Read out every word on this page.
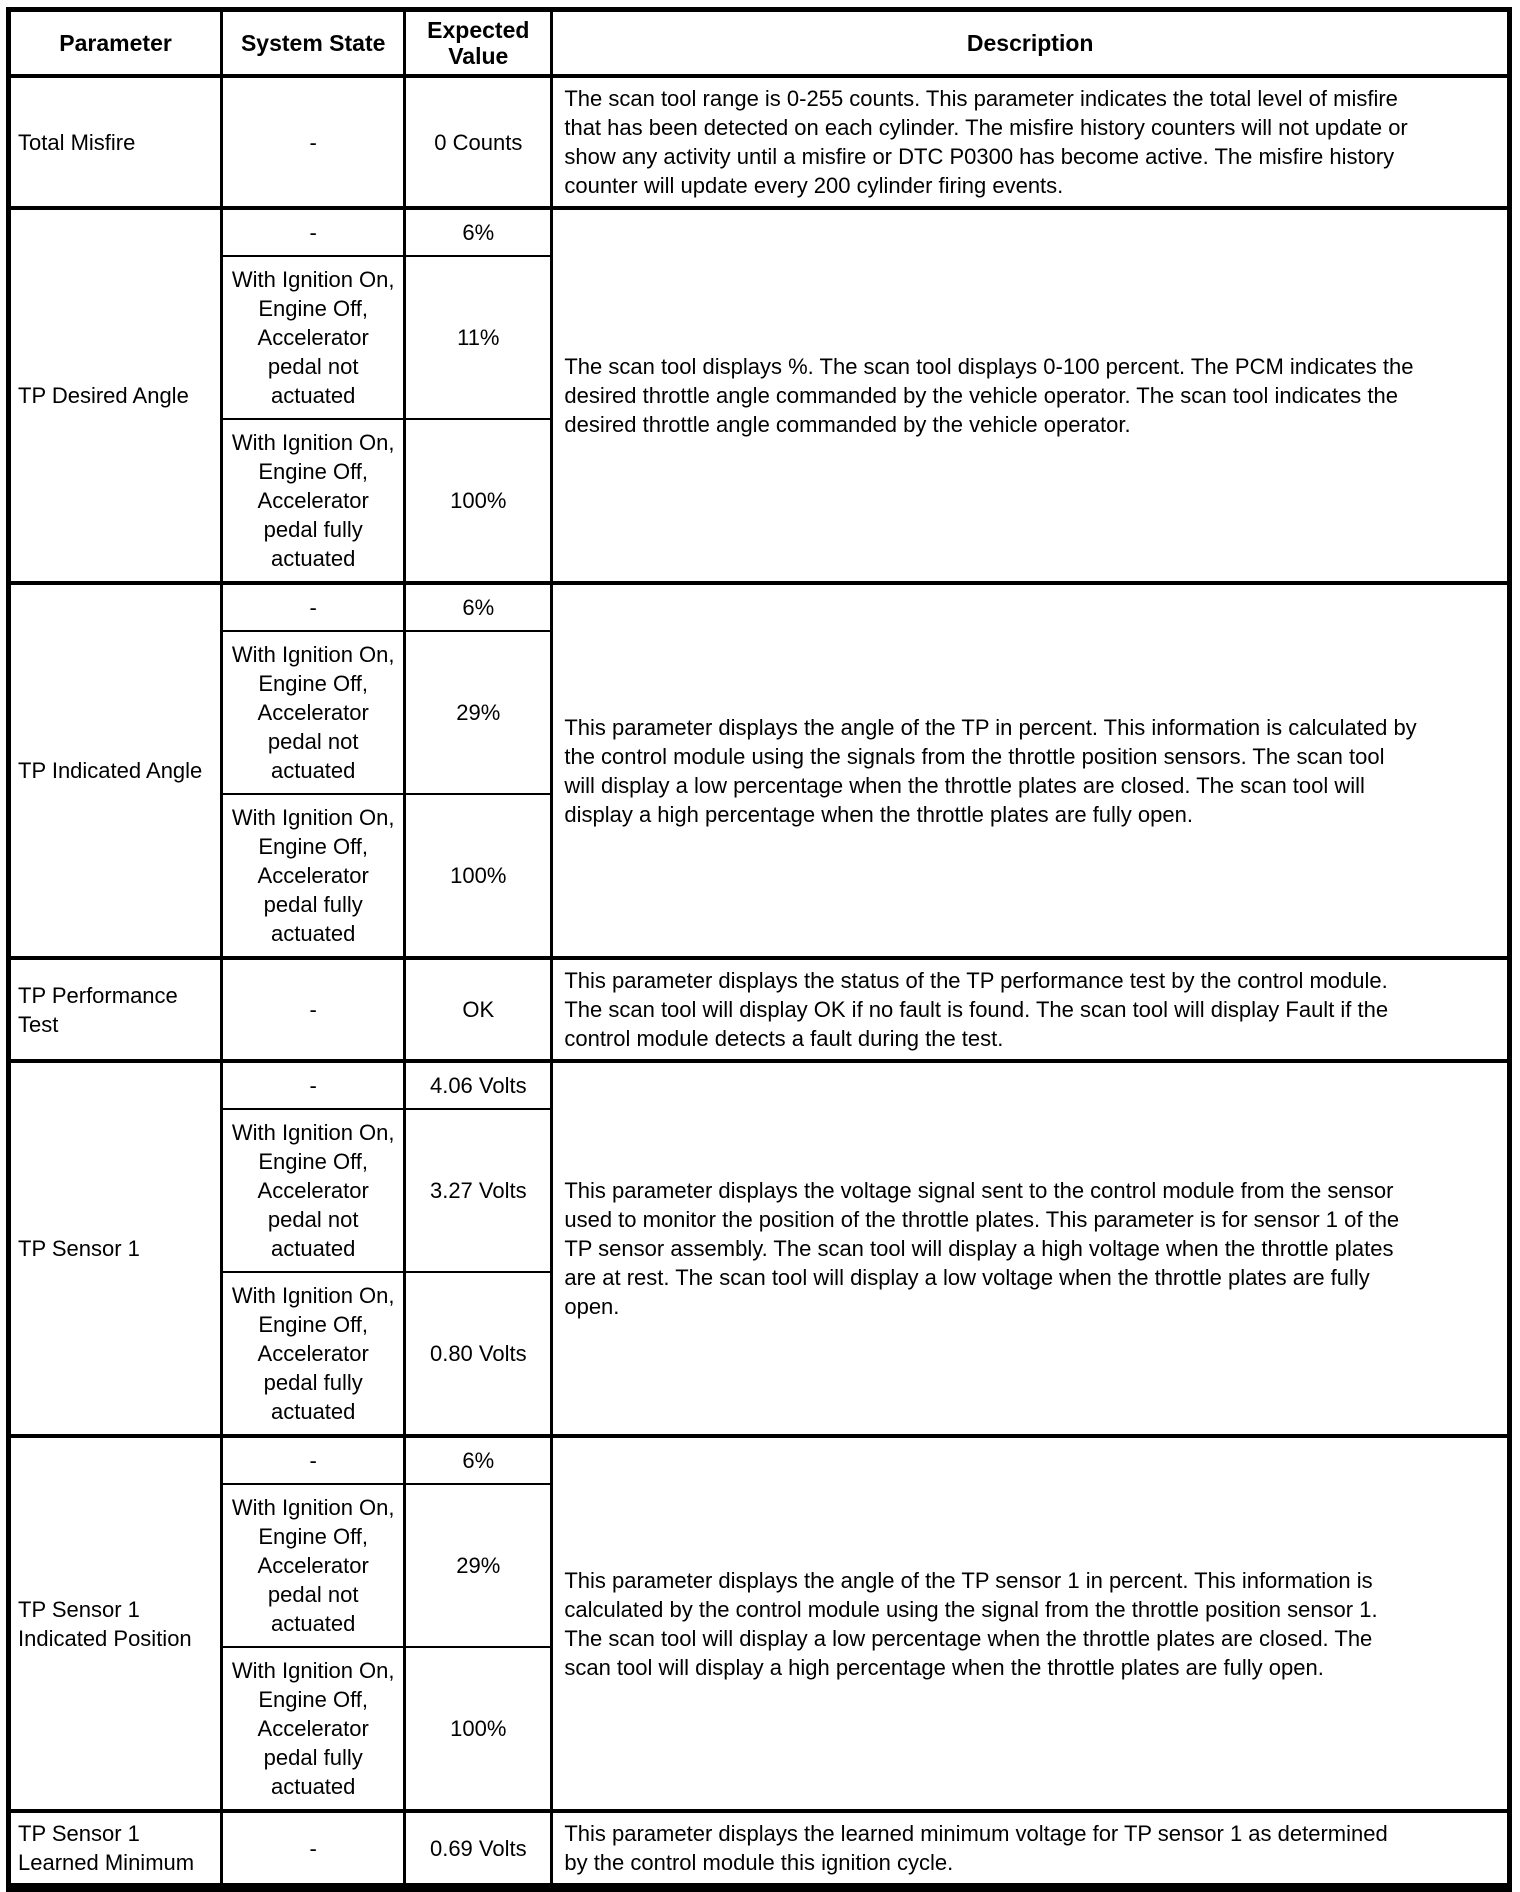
Parameter	System State	Expected Value	Description
Total Misfire	-	0 Counts	The scan tool range is 0-255 counts. This parameter indicates the total level of misfire that has been detected on each cylinder. The misfire history counters will not update or show any activity until a misfire or DTC P0300 has become active. The misfire history counter will update every 200 cylinder firing events.
TP Desired Angle	-	6%	The scan tool displays %. The scan tool displays 0-100 percent. The PCM indicates the desired throttle angle commanded by the vehicle operator. The scan tool indicates the desired throttle angle commanded by the vehicle operator.
	With Ignition On, Engine Off, Accelerator pedal not actuated	11%	
	With Ignition On, Engine Off, Accelerator pedal fully actuated	100%	
TP Indicated Angle	-	6%	This parameter displays the angle of the TP in percent. This information is calculated by the control module using the signals from the throttle position sensors. The scan tool will display a low percentage when the throttle plates are closed. The scan tool will display a high percentage when the throttle plates are fully open.
	With Ignition On, Engine Off, Accelerator pedal not actuated	29%	
	With Ignition On, Engine Off, Accelerator pedal fully actuated	100%	
TP Performance Test	-	OK	This parameter displays the status of the TP performance test by the control module. The scan tool will display OK if no fault is found. The scan tool will display Fault if the control module detects a fault during the test.
TP Sensor 1	-	4.06 Volts	This parameter displays the voltage signal sent to the control module from the sensor used to monitor the position of the throttle plates. This parameter is for sensor 1 of the TP sensor assembly. The scan tool will display a high voltage when the throttle plates are at rest. The scan tool will display a low voltage when the throttle plates are fully open.
	With Ignition On, Engine Off, Accelerator pedal not actuated	3.27 Volts	
	With Ignition On, Engine Off, Accelerator pedal fully actuated	0.80 Volts	
TP Sensor 1 Indicated Position	-	6%	This parameter displays the angle of the TP sensor 1 in percent. This information is calculated by the control module using the signal from the throttle position sensor 1. The scan tool will display a low percentage when the throttle plates are closed. The scan tool will display a high percentage when the throttle plates are fully open.
	With Ignition On, Engine Off, Accelerator pedal not actuated	29%	
	With Ignition On, Engine Off, Accelerator pedal fully actuated	100%	
TP Sensor 1 Learned Minimum	-	0.69 Volts	This parameter displays the learned minimum voltage for TP sensor 1 as determined by the control module this ignition cycle.
